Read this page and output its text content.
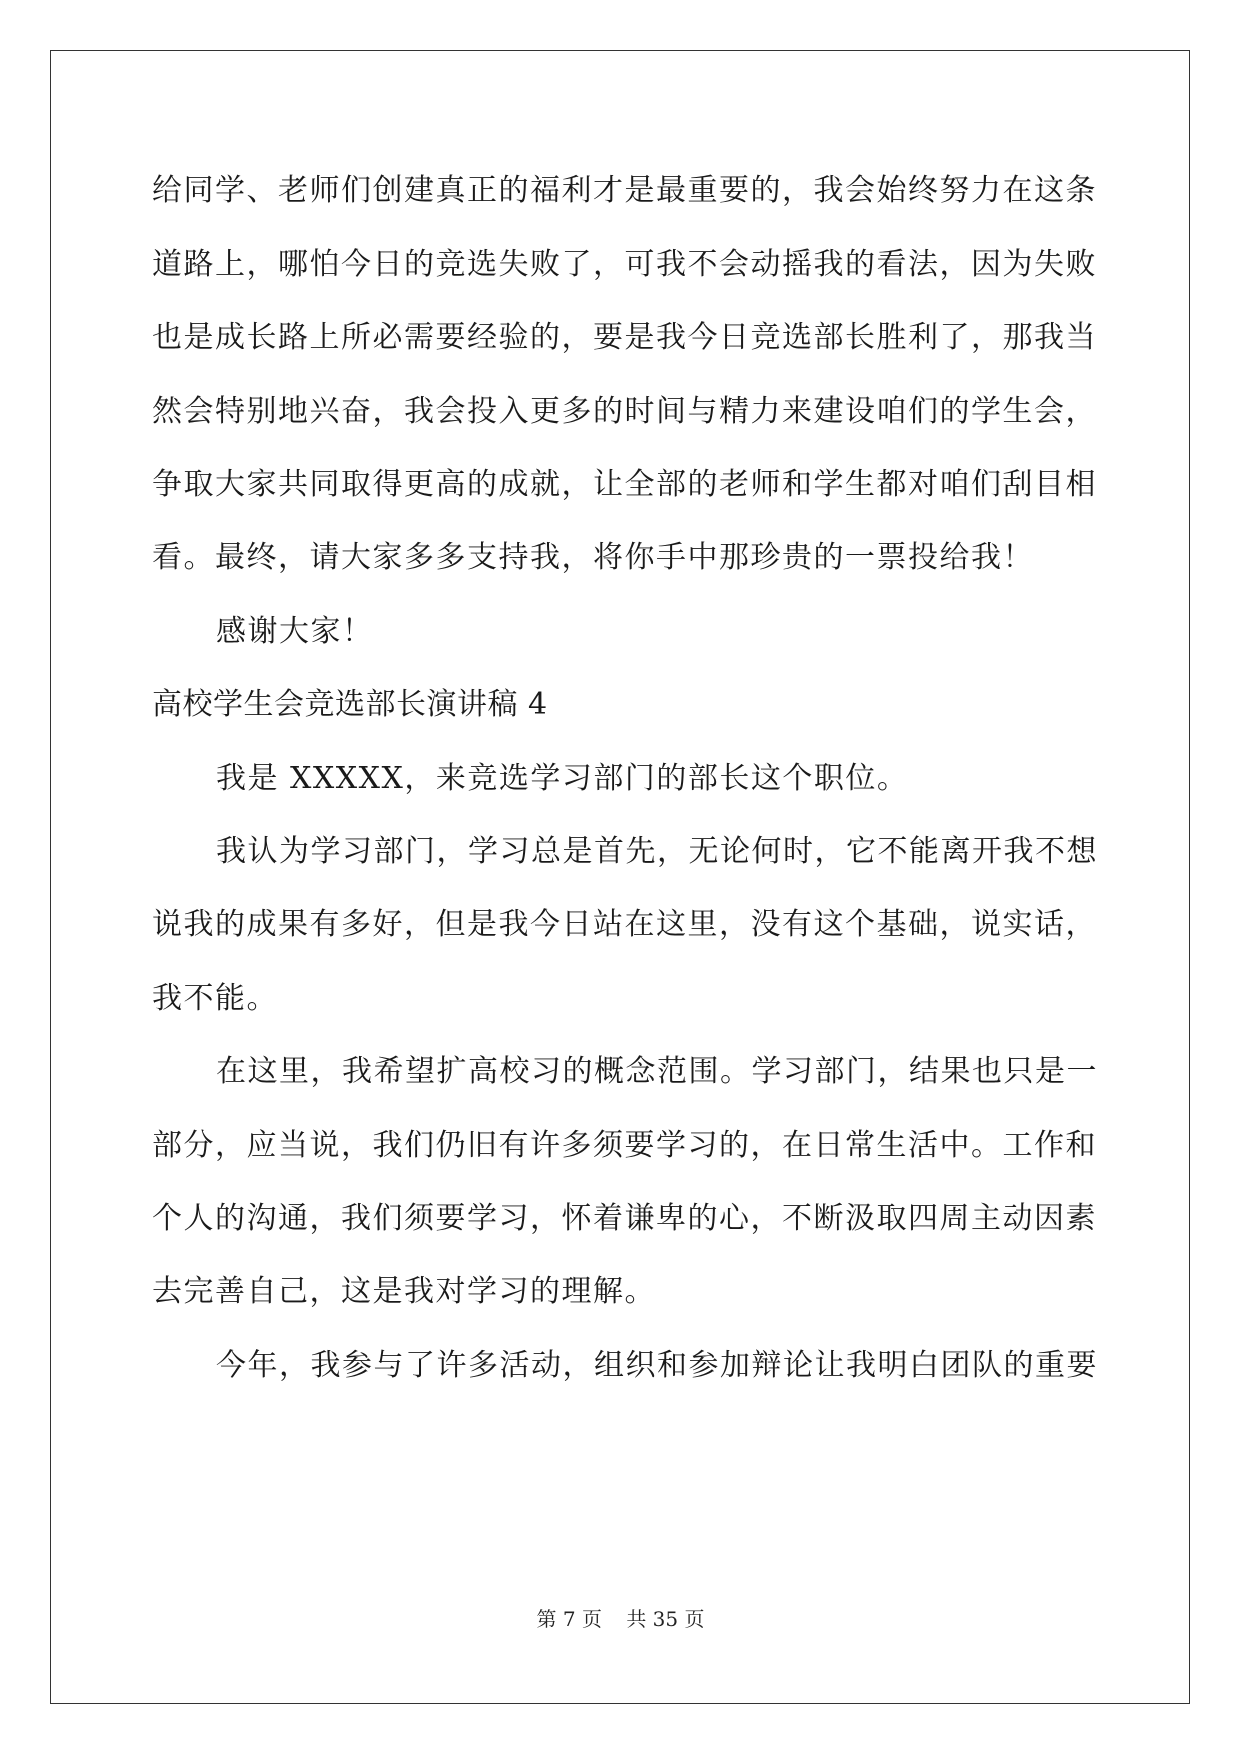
给同学、老师们创建真正的福利才是最重要的，我会始终努力在这条
道路上，哪怕今日的竞选失败了，可我不会动摇我的看法，因为失败
也是成长路上所必需要经验的，要是我今日竞选部长胜利了，那我当
然会特别地兴奋，我会投入更多的时间与精力来建设咱们的学生会，
争取大家共同取得更高的成就，让全部的老师和学生都对咱们刮目相
看。最终，请大家多多支持我，将你手中那珍贵的一票投给我！
感谢大家！
高校学生会竞选部长演讲稿 4
我是 XXXXX，来竞选学习部门的部长这个职位。
我认为学习部门，学习总是首先，无论何时，它不能离开我不想
说我的成果有多好，但是我今日站在这里，没有这个基础，说实话，
我不能。
在这里，我希望扩高校习的概念范围。学习部门，结果也只是一
部分，应当说，我们仍旧有许多须要学习的，在日常生活中。工作和
个人的沟通，我们须要学习，怀着谦卑的心，不断汲取四周主动因素
去完善自己，这是我对学习的理解。
今年，我参与了许多活动，组织和参加辩论让我明白团队的重要
第 7 页 共 35 页
